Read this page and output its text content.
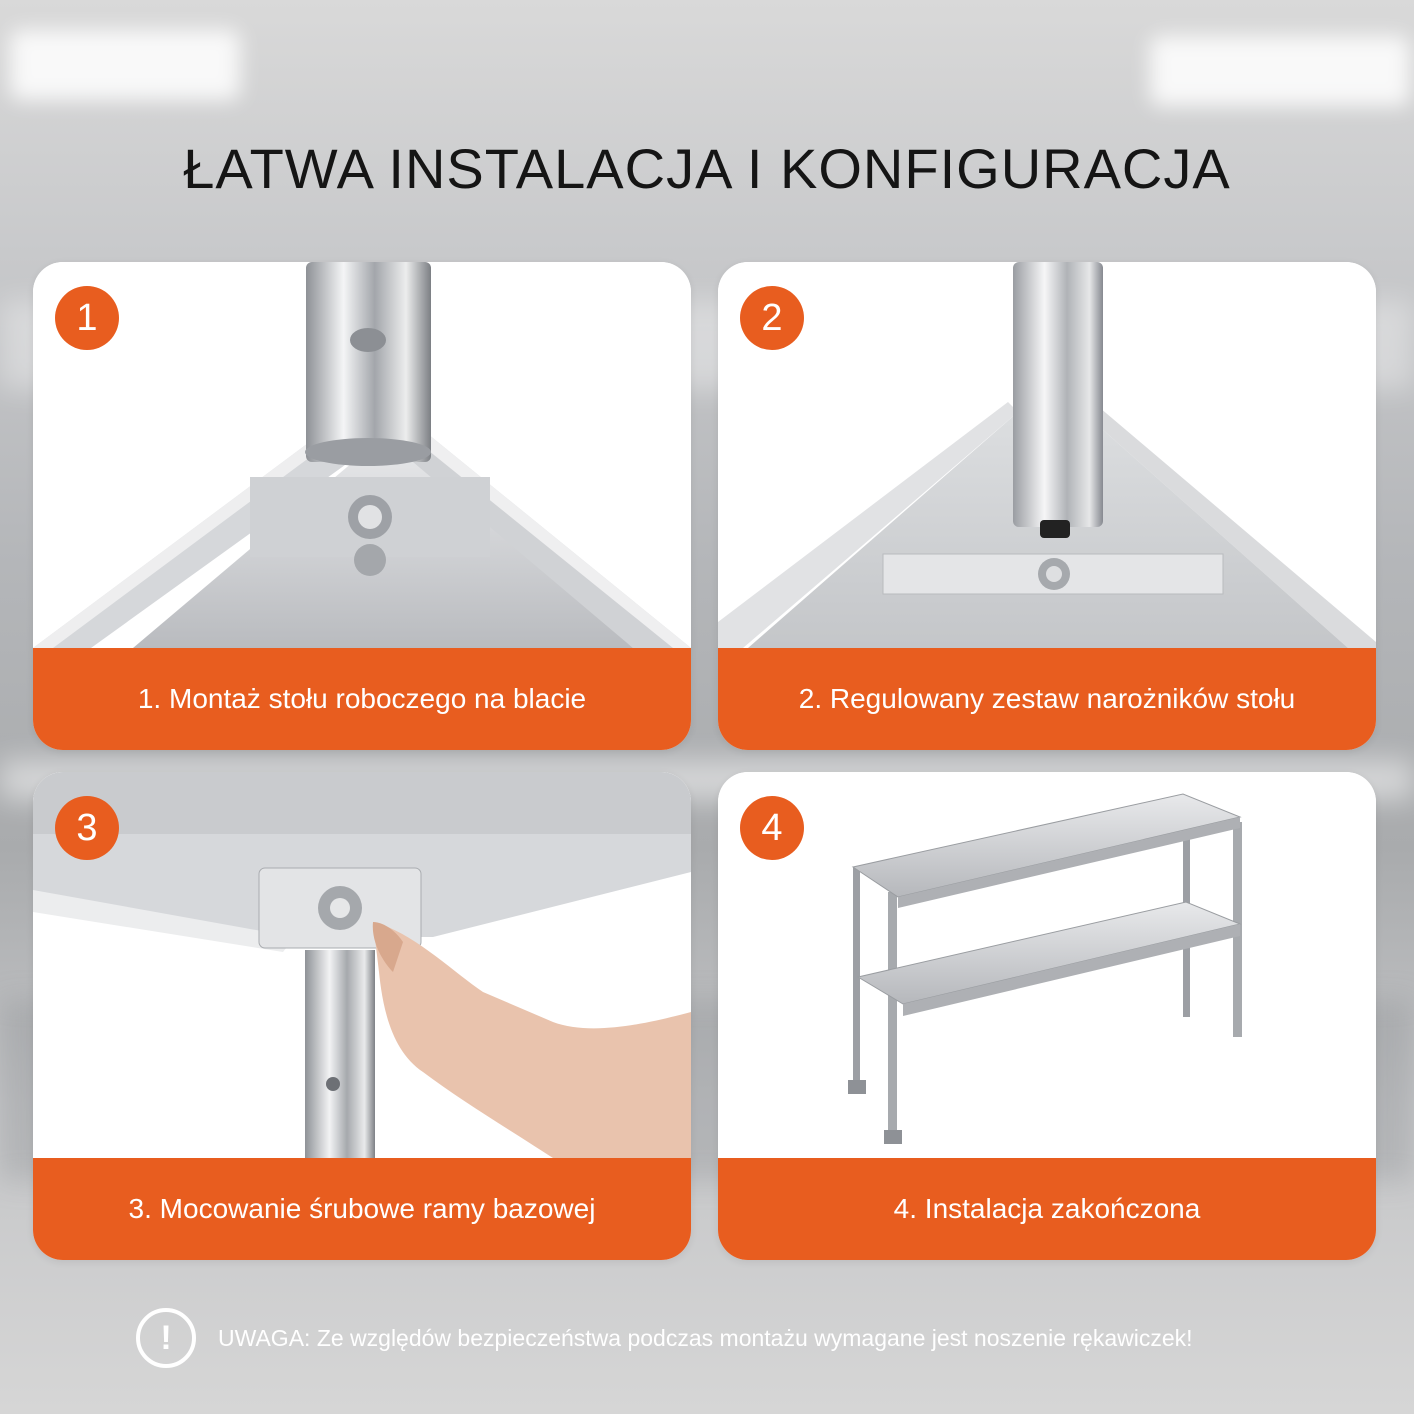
ŁATWA INSTALACJA I KONFIGURACJA
1
1. Montaż stołu roboczego na blacie
2
2. Regulowany zestaw narożników stołu
3
3. Mocowanie śrubowe ramy bazowej
4
4. Instalacja zakończona
!	UWAGA: Ze względów bezpieczeństwa podczas montażu wymagane jest noszenie rękawiczek!
